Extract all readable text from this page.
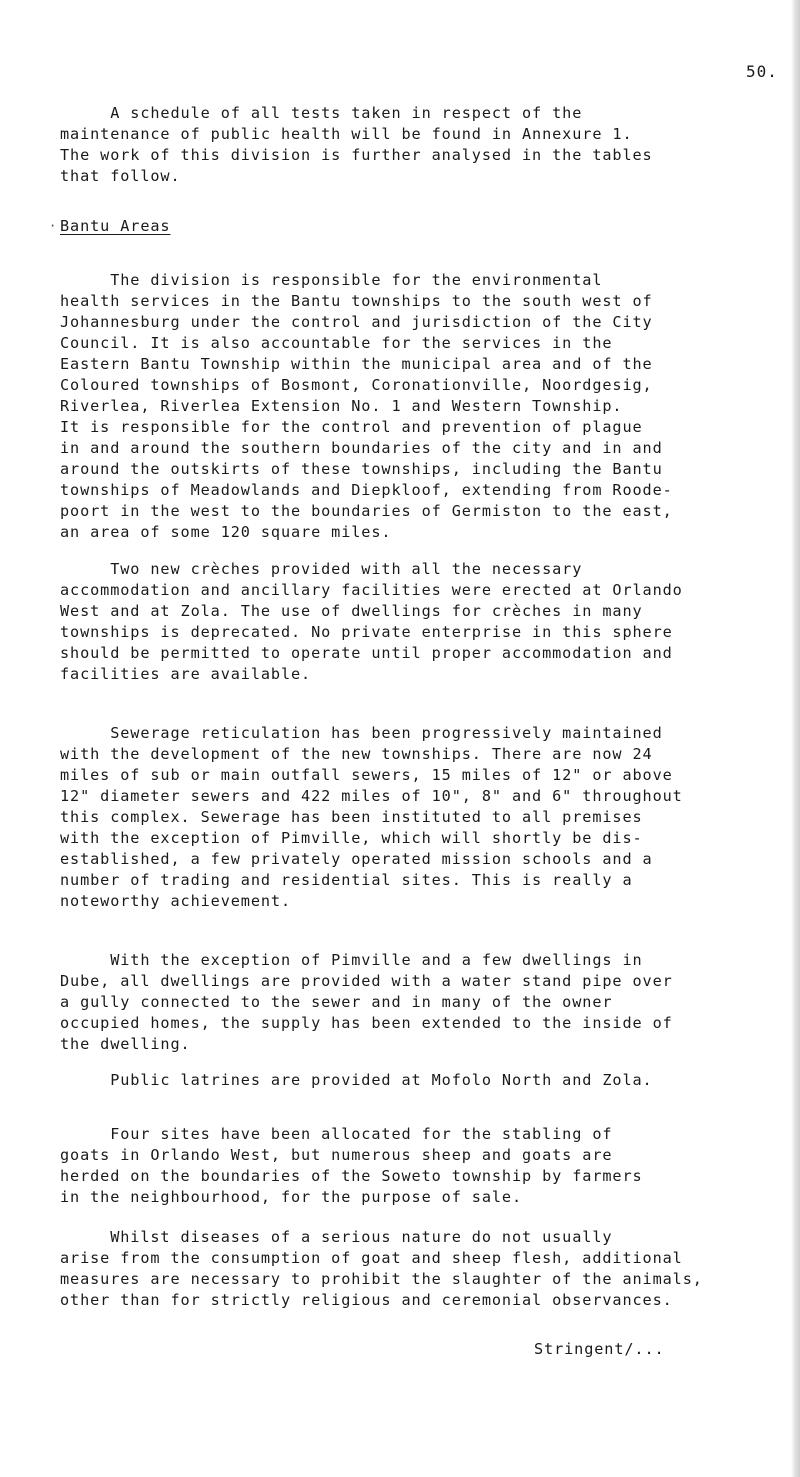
50.

A schedule of all tests taken in respect of the
maintenance of public health will be found in Annexure 1.
The work of this division is further analysed in the tables
that follow.

· Bantu Areas

The division is responsible for the environmental
health services in the Bantu townships to the south west of
Johannesburg under the control and jurisdiction of the City
Council. It is also accountable for the services in the
Eastern Bantu Township within the municipal area and of the
Coloured townships of Bosmont, Coronationville, Noordgesig,
Riverlea, Riverlea Extension No. 1 and Western Township.
It is responsible for the control and prevention of plague
in and around the southern boundaries of the city and in and
around the outskirts of these townships, including the Bantu
townships of Meadowlands and Diepkloof, extending from Roode-
poort in the west to the boundaries of Germiston to the east,
an area of some 120 square miles.

Two new crèches provided with all the necessary
accommodation and ancillary facilities were erected at Orlando
West and at Zola. The use of dwellings for crèches in many
townships is deprecated. No private enterprise in this sphere
should be permitted to operate until proper accommodation and
facilities are available.

Sewerage reticulation has been progressively maintained
with the development of the new townships. There are now 24
miles of sub or main outfall sewers, 15 miles of 12" or above
12" diameter sewers and 422 miles of 10", 8" and 6" throughout
this complex. Sewerage has been instituted to all premises
with the exception of Pimville, which will shortly be dis-
established, a few privately operated mission schools and a
number of trading and residential sites. This is really a
noteworthy achievement.

With the exception of Pimville and a few dwellings in
Dube, all dwellings are provided with a water stand pipe over
a gully connected to the sewer and in many of the owner
occupied homes, the supply has been extended to the inside of
the dwelling.

Public latrines are provided at Mofolo North and Zola.

Four sites have been allocated for the stabling of
goats in Orlando West, but numerous sheep and goats are
herded on the boundaries of the Soweto township by farmers
in the neighbourhood, for the purpose of sale.

Whilst diseases of a serious nature do not usually
arise from the consumption of goat and sheep flesh, additional
measures are necessary to prohibit the slaughter of the animals,
other than for strictly religious and ceremonial observances.

Stringent/...
